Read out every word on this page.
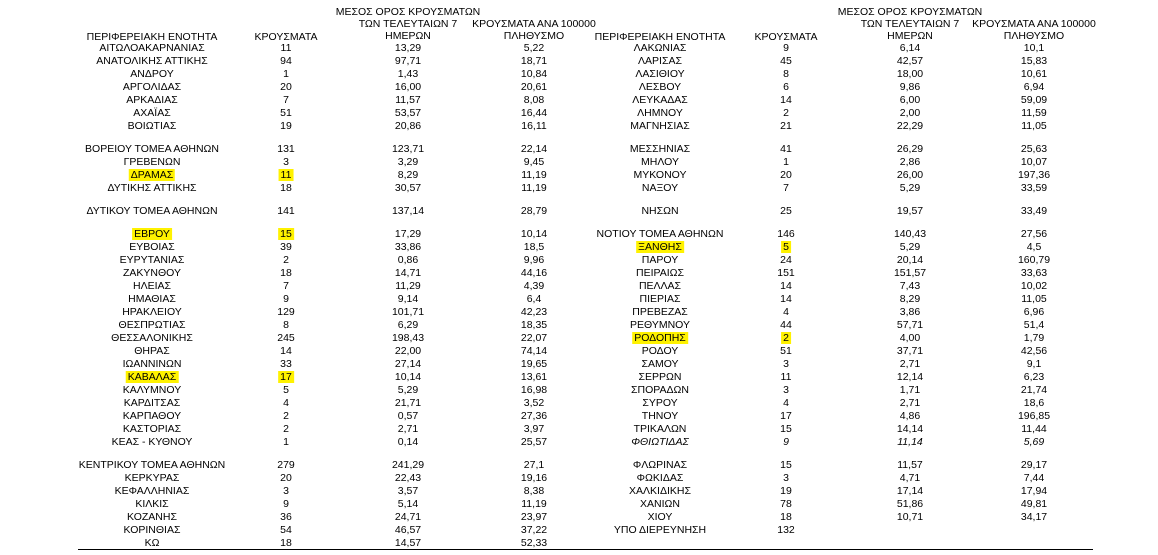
ΠΕΡΙΦΕΡΕΙΑΚΗ ΕΝΟΤΗΤΑ	ΚΡΟΥΣΜΑΤΑ
ΜΕΣΟΣ ΟΡΟΣ ΚΡΟΥΣΜΑΤΩΝ
ΤΩΝ ΤΕΛΕΥΤΑΙΩΝ 7
ΗΜΕΡΩΝ
ΚΡΟΥΣΜΑΤΑ ΑΝΑ 100000
ΠΛΗΘΥΣΜΟ	ΠΕΡΙΦΕΡΕΙΑΚΗ ΕΝΟΤΗΤΑ	ΚΡΟΥΣΜΑΤΑ
ΜΕΣΟΣ ΟΡΟΣ ΚΡΟΥΣΜΑΤΩΝ
ΤΩΝ ΤΕΛΕΥΤΑΙΩΝ 7
ΗΜΕΡΩΝ
ΚΡΟΥΣΜΑΤΑ ΑΝΑ 100000
ΠΛΗΘΥΣΜΟ
ΑΙΤΩΛΟΑΚΑΡΝΑΝΙΑΣ	11	13,29	5,22
ΑΝΑΤΟΛΙΚΗΣ ΑΤΤΙΚΗΣ	94	97,71	18,71
ΑΝΔΡΟΥ	1	1,43	10,84
ΑΡΓΟΛΙΔΑΣ	20	16,00	20,61
ΑΡΚΑΔΙΑΣ	7	11,57	8,08
ΑΧΑΪΑΣ	51	53,57	16,44
ΒΟΙΩΤΙΑΣ	19	20,86	16,11
ΒΟΡΕΙΟΥ ΤΟΜΕΑ ΑΘΗΝΩΝ	131	123,71	22,14
ΓΡΕΒΕΝΩΝ	3	3,29	9,45
ΔΡΑΜΑΣ	11	8,29	11,19
ΔΥΤΙΚΗΣ ΑΤΤΙΚΗΣ	18	30,57	11,19
ΔΥΤΙΚΟΥ ΤΟΜΕΑ ΑΘΗΝΩΝ	141	137,14	28,79
ΕΒΡΟΥ	15	17,29	10,14
ΕΥΒΟΙΑΣ	39	33,86	18,5
ΕΥΡΥΤΑΝΙΑΣ	2	0,86	9,96
ΖΑΚΥΝΘΟΥ	18	14,71	44,16
ΗΛΕΙΑΣ	7	11,29	4,39
ΗΜΑΘΙΑΣ	9	9,14	6,4
ΗΡΑΚΛΕΙΟΥ	129	101,71	42,23
ΘΕΣΠΡΩΤΙΑΣ	8	6,29	18,35
ΘΕΣΣΑΛΟΝΙΚΗΣ	245	198,43	22,07
ΘΗΡΑΣ	14	22,00	74,14
ΙΩΑΝΝΙΝΩΝ	33	27,14	19,65
ΚΑΒΑΛΑΣ	17	10,14	13,61
ΚΑΛΥΜΝΟΥ	5	5,29	16,98
ΚΑΡΔΙΤΣΑΣ	4	21,71	3,52
ΚΑΡΠΑΘΟΥ	2	0,57	27,36
ΚΑΣΤΟΡΙΑΣ	2	2,71	3,97
ΚΕΑΣ - ΚΥΘΝΟΥ	1	0,14	25,57
ΚΕΝΤΡΙΚΟΥ ΤΟΜΕΑ ΑΘΗΝΩΝ	279	241,29	27,1
ΚΕΡΚΥΡΑΣ	20	22,43	19,16
ΚΕΦΑΛΛΗΝΙΑΣ	3	3,57	8,38
ΚΙΛΚΙΣ	9	5,14	11,19
ΚΟΖΑΝΗΣ	36	24,71	23,97
ΚΟΡΙΝΘΙΑΣ	54	46,57	37,22
ΚΩ	18	14,57	52,33
ΛΑΚΩΝΙΑΣ	9	6,14	10,1
ΛΑΡΙΣΑΣ	45	42,57	15,83
ΛΑΣΙΘΙΟΥ	8	18,00	10,61
ΛΕΣΒΟΥ	6	9,86	6,94
ΛΕΥΚΑΔΑΣ	14	6,00	59,09
ΛΗΜΝΟΥ	2	2,00	11,59
ΜΑΓΝΗΣΙΑΣ	21	22,29	11,05
ΜΕΣΣΗΝΙΑΣ	41	26,29	25,63
ΜΗΛΟΥ	1	2,86	10,07
ΜΥΚΟΝΟΥ	20	26,00	197,36
ΝΑΞΟΥ	7	5,29	33,59
ΝΗΣΩΝ	25	19,57	33,49
ΝΟΤΙΟΥ ΤΟΜΕΑ ΑΘΗΝΩΝ	146	140,43	27,56
ΞΑΝΘΗΣ	5	5,29	4,5
ΠΑΡΟΥ	24	20,14	160,79
ΠΕΙΡΑΙΩΣ	151	151,57	33,63
ΠΕΛΛΑΣ	14	7,43	10,02
ΠΙΕΡΙΑΣ	14	8,29	11,05
ΠΡΕΒΕΖΑΣ	4	3,86	6,96
ΡΕΘΥΜΝΟΥ	44	57,71	51,4
ΡΟΔΟΠΗΣ	2	4,00	1,79
ΡΟΔΟΥ	51	37,71	42,56
ΣΑΜΟΥ	3	2,71	9,1
ΣΕΡΡΩΝ	11	12,14	6,23
ΣΠΟΡΑΔΩΝ	3	1,71	21,74
ΣΥΡΟΥ	4	2,71	18,6
ΤΗΝΟΥ	17	4,86	196,85
ΤΡΙΚΑΛΩΝ	15	14,14	11,44
ΦΘΙΩΤΙΔΑΣ	9	11,14	5,69
ΦΛΩΡΙΝΑΣ	15	11,57	29,17
ΦΩΚΙΔΑΣ	3	4,71	7,44
ΧΑΛΚΙΔΙΚΗΣ	19	17,14	17,94
ΧΑΝΙΩΝ	78	51,86	49,81
ΧΙΟΥ	18	10,71	34,17
ΥΠΟ ΔΙΕΡΕΥΝΗΣΗ	132
